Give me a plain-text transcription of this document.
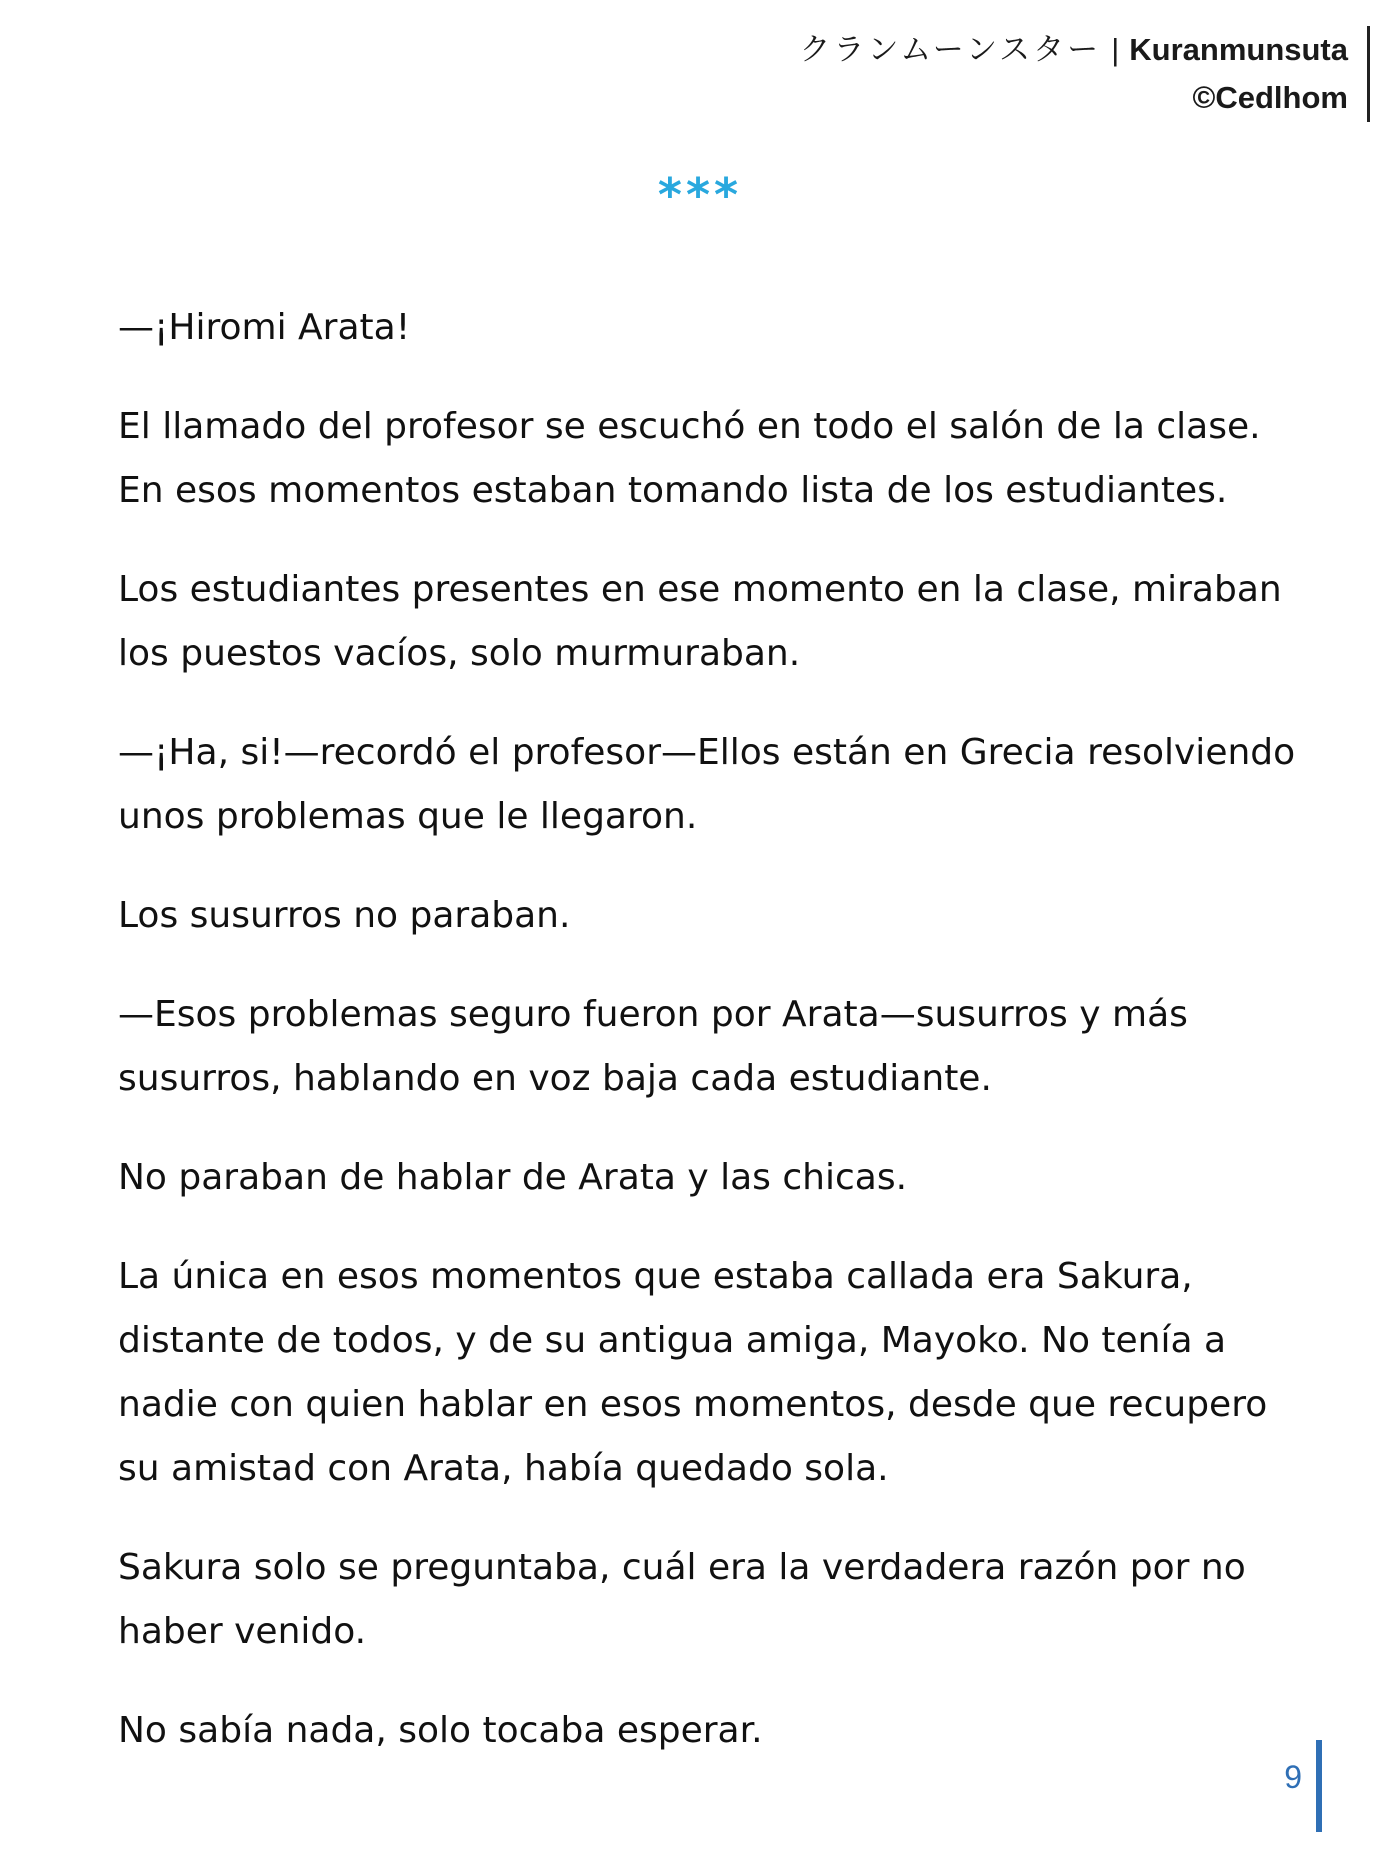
クランムーンスター | Kuranmunsuta
©Cedlhom
***

—¡Hiromi Arata!

El llamado del profesor se escuchó en todo el salón de la clase. En esos momentos estaban tomando lista de los estudiantes.

Los estudiantes presentes en ese momento en la clase, miraban los puestos vacíos, solo murmuraban.

—¡Ha, si!—recordó el profesor—Ellos están en Grecia resolviendo unos problemas que le llegaron.

Los susurros no paraban.

—Esos problemas seguro fueron por Arata—susurros y más susurros, hablando en voz baja cada estudiante.

No paraban de hablar de Arata y las chicas.

La única en esos momentos que estaba callada era Sakura, distante de todos, y de su antigua amiga, Mayoko. No tenía a nadie con quien hablar en esos momentos, desde que recupero su amistad con Arata, había quedado sola.

Sakura solo se preguntaba, cuál era la verdadera razón por no haber venido.

No sabía nada, solo tocaba esperar.

9
